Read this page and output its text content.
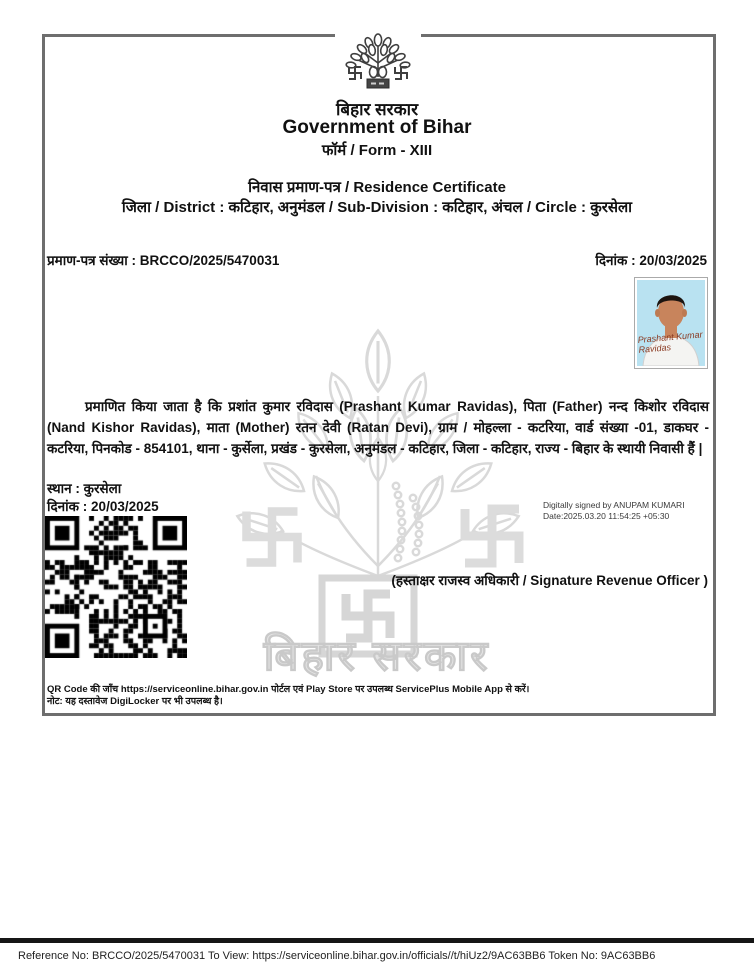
बिहार सरकार
बिहार सरकार
Government of Bihar
फॉर्म / Form - XIII
निवास प्रमाण-पत्र / Residence Certificate
जिला / District : कटिहार, अनुमंडल / Sub-Division : कटिहार, अंचल / Circle : कुरसेला
प्रमाण-पत्र संख्या : BRCCO/2025/5470031	दिनांक : 20/03/2025
Prashant Kumar
Ravidas
प्रमाणित किया जाता है कि प्रशांत कुमार रविदास (Prashant Kumar Ravidas), पिता (Father) नन्द किशोर रविदास (Nand Kishor Ravidas), माता (Mother) रतन देवी (Ratan Devi), ग्राम / मोहल्ला - कटरिया, वार्ड संख्या -01, डाकघर - कटरिया, पिनकोड - 854101, थाना - कुर्सेला, प्रखंड - कुरसेला, अनुमंडल - कटिहार, जिला - कटिहार, राज्य - बिहार के स्थायी निवासी हैं |
स्थान : कुरसेला
दिनांक : 20/03/2025	Digitally signed by ANUPAM KUMARI
Date:2025.03.20 11:54:25 +05:30
(हस्ताक्षर राजस्व अधिकारी / Signature Revenue Officer )
QR Code की जाँच https://serviceonline.bihar.gov.in पोर्टल एवं Play Store पर उपलब्ध ServicePlus Mobile App से करें।
नोट: यह दस्तावेज DigiLocker पर भी उपलब्ध है।
Reference No: BRCCO/2025/5470031 To View: https://serviceonline.bihar.gov.in/officials//t/hiUz2/9AC63BB6 Token No: 9AC63BB6
